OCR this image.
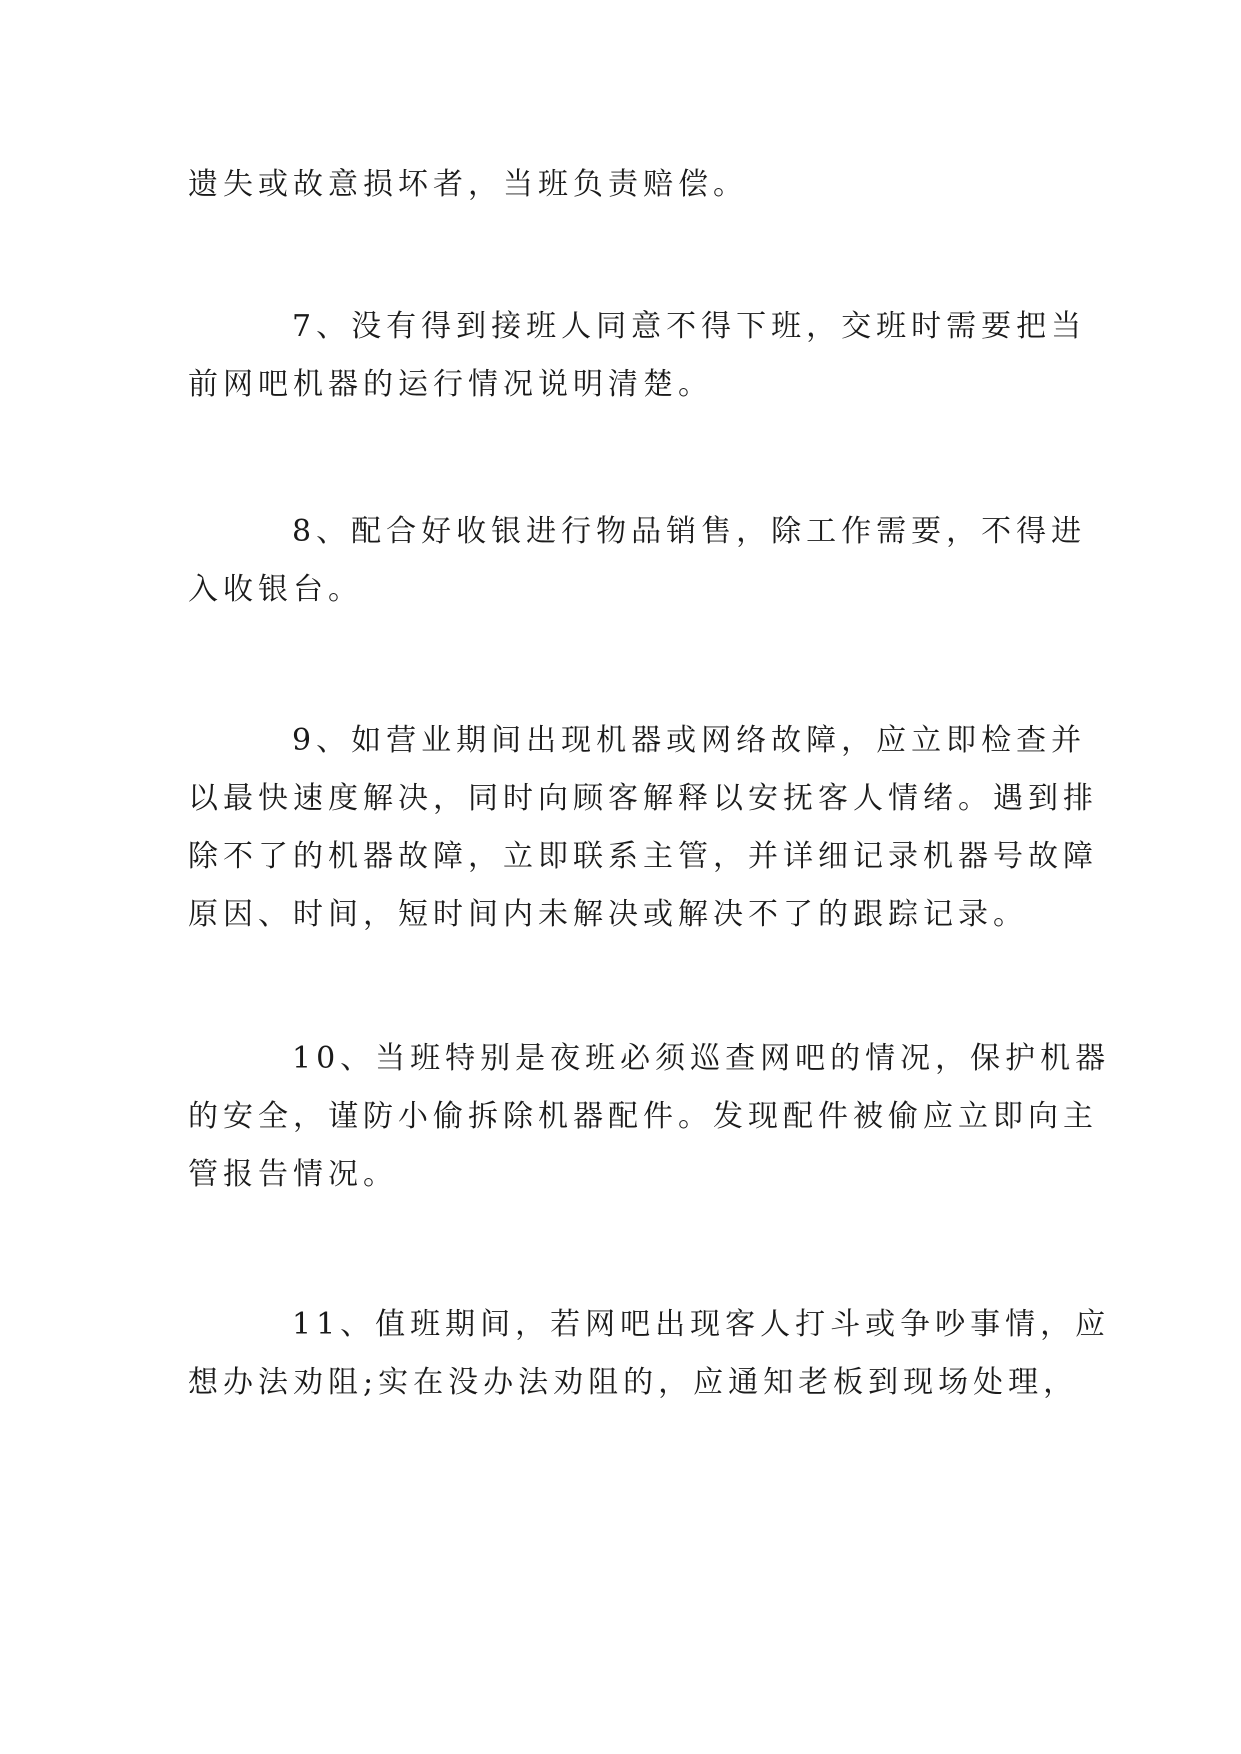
遗失或故意损坏者，当班负责赔偿。
7、没有得到接班人同意不得下班，交班时需要把当
前网吧机器的运行情况说明清楚。
8、配合好收银进行物品销售，除工作需要，不得进
入收银台。
9、如营业期间出现机器或网络故障，应立即检查并
以最快速度解决，同时向顾客解释以安抚客人情绪。遇到排
除不了的机器故障，立即联系主管，并详细记录机器号故障
原因、时间，短时间内未解决或解决不了的跟踪记录。
10、当班特别是夜班必须巡查网吧的情况，保护机器
的安全，谨防小偷拆除机器配件。发现配件被偷应立即向主
管报告情况。
11、值班期间，若网吧出现客人打斗或争吵事情，应
想办法劝阻;实在没办法劝阻的，应通知老板到现场处理，
